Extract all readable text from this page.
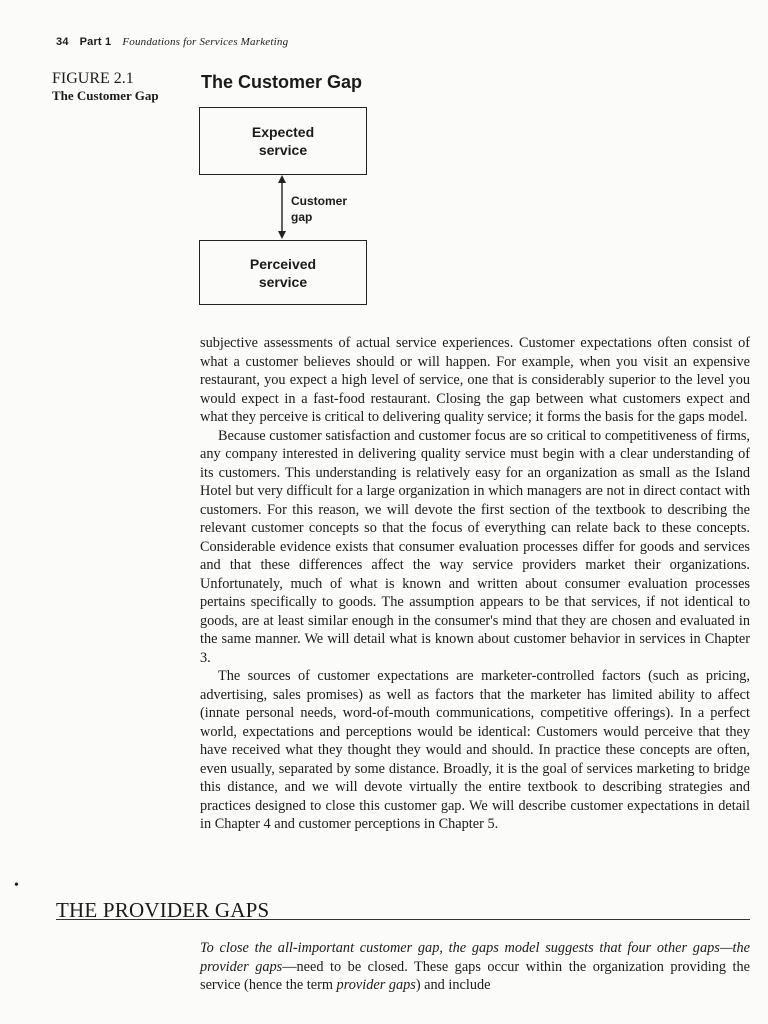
34 Part 1 Foundations for Services Marketing
FIGURE 2.1
The Customer Gap
The Customer Gap
Expected
service
Customer
gap
Perceived
service

subjective assessments of actual service experiences. Customer expectations often consist of what a customer believes should or will happen. For example, when you visit an expensive restaurant, you expect a high level of service, one that is considerably superior to the level you would expect in a fast-food restaurant. Closing the gap between what customers expect and what they perceive is critical to delivering quality service; it forms the basis for the gaps model.

Because customer satisfaction and customer focus are so critical to competitiveness of firms, any company interested in delivering quality service must begin with a clear understanding of its customers. This understanding is relatively easy for an organization as small as the Island Hotel but very difficult for a large organization in which managers are not in direct contact with customers. For this reason, we will devote the first section of the textbook to describing the relevant customer concepts so that the focus of everything can relate back to these concepts. Considerable evidence exists that consumer evaluation processes differ for goods and services and that these differences affect the way service providers market their organizations. Unfortunately, much of what is known and written about consumer evaluation processes pertains specifically to goods. The assumption appears to be that services, if not identical to goods, are at least similar enough in the consumer's mind that they are chosen and evaluated in the same manner. We will detail what is known about customer behavior in services in Chapter 3.

The sources of customer expectations are marketer-controlled factors (such as pricing, advertising, sales promises) as well as factors that the marketer has limited ability to affect (innate personal needs, word-of-mouth communications, competitive offerings). In a perfect world, expectations and perceptions would be identical: Customers would perceive that they have received what they thought they would and should. In practice these concepts are often, even usually, separated by some distance. Broadly, it is the goal of services marketing to bridge this distance, and we will devote virtually the entire textbook to describing strategies and practices designed to close this customer gap. We will describe customer expectations in detail in Chapter 4 and customer perceptions in Chapter 5.

•
THE PROVIDER GAPS

To close the all-important customer gap, the gaps model suggests that four other gaps—the provider gaps—need to be closed. These gaps occur within the organization providing the service (hence the term provider gaps) and include
